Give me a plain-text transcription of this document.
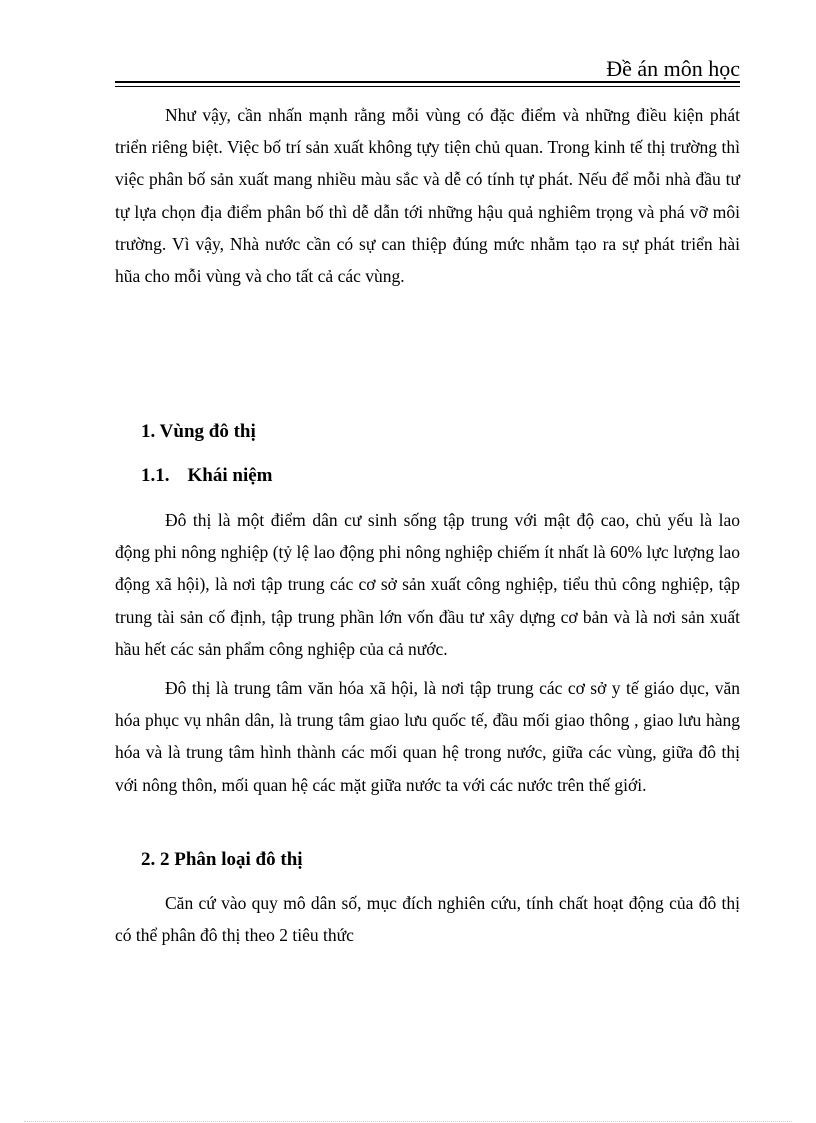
Đề án môn học

Như vậy, cần nhấn mạnh rằng mỗi vùng có đặc điểm và những điều kiện phát triển riêng biệt. Việc bố trí sản xuất không tựy tiện chủ quan. Trong kinh tế thị trường thì việc phân bố sản xuất mang nhiều màu sắc và dễ có tính tự phát. Nếu để mỗi nhà đầu tư tự lựa chọn địa điểm phân bố thì dễ dẫn tới những hậu quả nghiêm trọng và phá vỡ môi trường. Vì vậy, Nhà nước cần có sự can thiệp đúng mức nhằm tạo ra sự phát triển hài hũa cho mỗi vùng và cho tất cả các vùng.

1. Vùng đô thị
1.1. Khái niệm

Đô thị là một điểm dân cư sinh sống tập trung với mật độ cao, chủ yếu là lao động phi nông nghiệp (tỷ lệ lao động phi nông nghiệp chiếm ít nhất là 60% lực lượng lao động xã hội), là nơi tập trung các cơ sở sản xuất công nghiệp, tiểu thủ công nghiệp, tập trung tài sản cố định, tập trung phần lớn vốn đầu tư xây dựng cơ bản và là nơi sản xuất hầu hết các sản phẩm công nghiệp của cả nước.

Đô thị là trung tâm văn hóa xã hội, là nơi tập trung các cơ sở y tế giáo dục, văn hóa phục vụ nhân dân, là trung tâm giao lưu quốc tế, đầu mối giao thông , giao lưu hàng hóa và là trung tâm hình thành các mối quan hệ trong nước, giữa các vùng, giữa đô thị với nông thôn, mối quan hệ các mặt giữa nước ta với các nước trên thế giới.

2. 2 Phân loại đô thị

Căn cứ vào quy mô dân số, mục đích nghiên cứu, tính chất hoạt động của đô thị có thể phân đô thị theo 2 tiêu thức
